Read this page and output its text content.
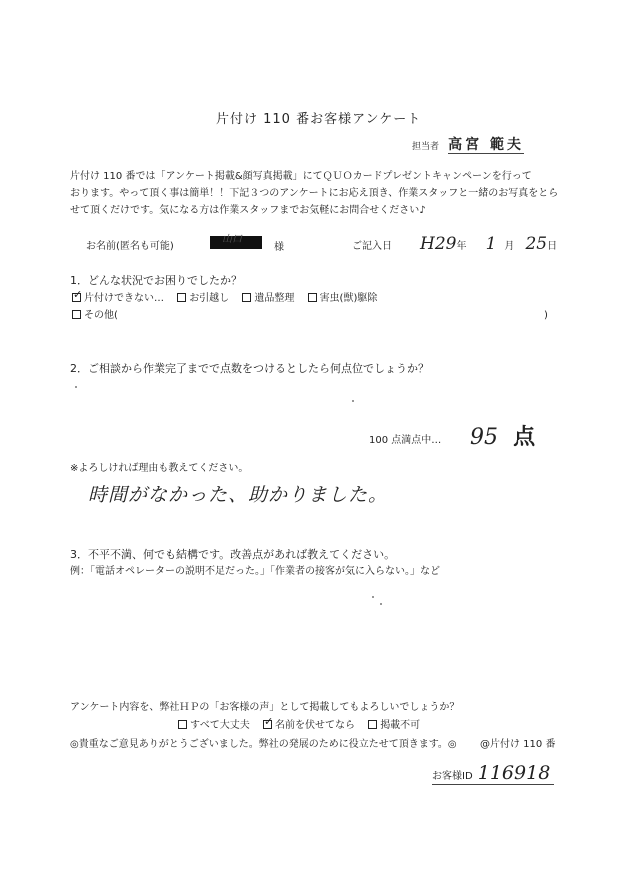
片付け 110 番お客様アンケート
担当者 高宮 範夫
片付け 110 番では「アンケート掲載&顔写真掲載」にてＱＵＯカードプレゼントキャンペーンを行って
おります。やって頂く事は簡単！！下記３つのアンケートにお応え頂き、作業スタッフと一緒のお写真をとら
せて頂くだけです。気になる方は作業スタッフまでお気軽にお問合せください♪
お名前(匿名も可能)
山口
様	ご記入日 H29年 1 月 25日
1．どんな状況でお困りでしたか？
✓片付けできない…	お引越し	遺品整理	害虫(獣)駆除
その他(	)
2．ご相談から作業完了までで点数をつけるとしたら何点位でしょうか？
100 点満点中… 95 点
※よろしければ理由も教えてください。
時間がなかった、助かりました。
3．不平不満、何でも結構です。改善点があれば教えてください。
例：「電話オペレーターの説明不足だった。」「作業者の接客が気に入らない。」など
アンケート内容を、弊社ＨＰの「お客様の声」として掲載してもよろしいでしょうか？
すべて大丈夫 ✓	名前を伏せてなら	掲載不可
◎貴重なご意見ありがとうございました。弊社の発展のために役立たせて頂きます。◎ @片付け 110 番
お客様ID 116918
